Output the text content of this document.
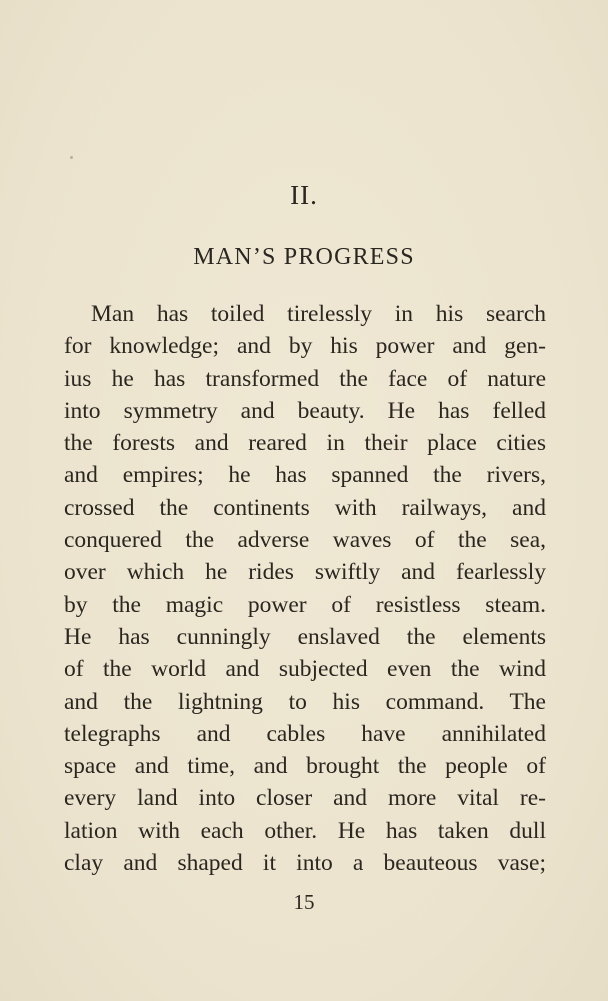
II.
MAN’S PROGRESS
Man has toiled tirelessly in his search
for knowledge; and by his power and gen-
ius he has transformed the face of nature
into symmetry and beauty. He has felled
the forests and reared in their place cities
and empires; he has spanned the rivers,
crossed the continents with railways, and
conquered the adverse waves of the sea,
over which he rides swiftly and fearlessly
by the magic power of resistless steam.
He has cunningly enslaved the elements
of the world and subjected even the wind
and the lightning to his command. The
telegraphs and cables have annihilated
space and time, and brought the people of
every land into closer and more vital re-
lation with each other. He has taken dull
clay and shaped it into a beauteous vase;
15
